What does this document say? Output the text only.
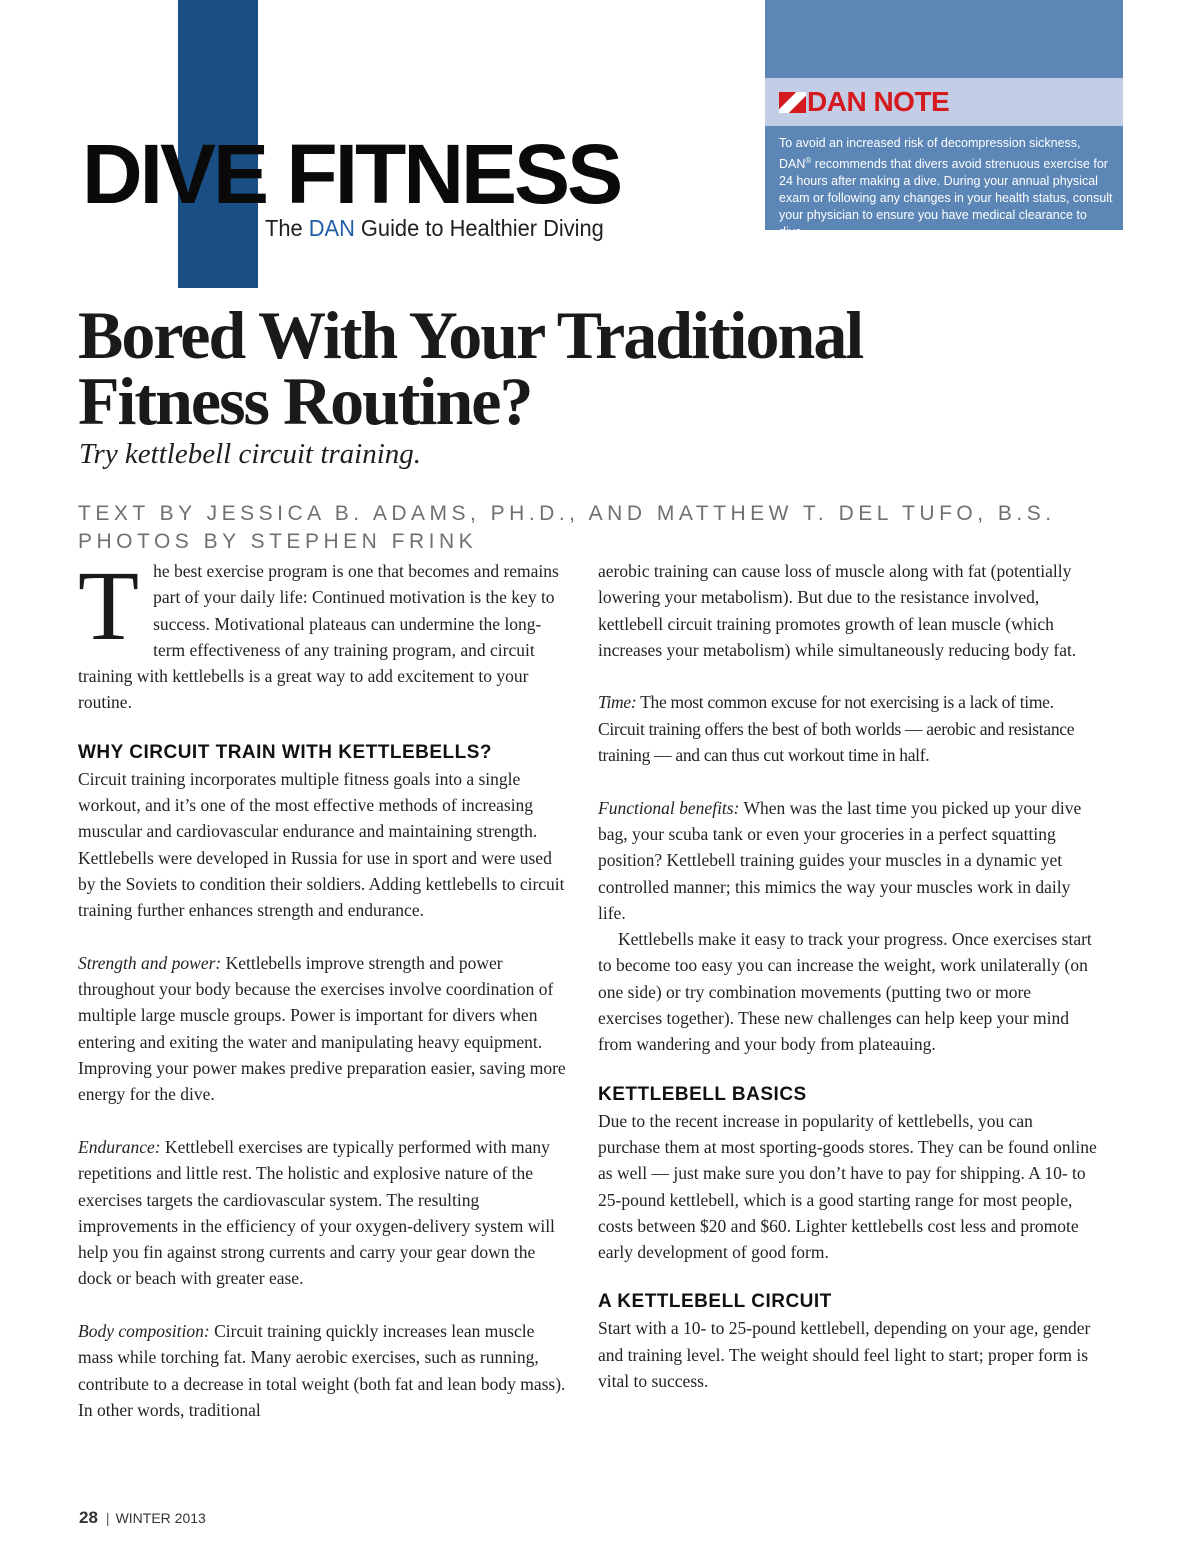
DIVE FITNESS
The DAN Guide to Healthier Diving
DAN NOTE
To avoid an increased risk of decompression sickness, DAN® recommends that divers avoid strenuous exercise for 24 hours after making a dive. During your annual physical exam or following any changes in your health status, consult your physician to ensure you have medical clearance to dive.
Bored With Your Traditional
Fitness Routine?
Try kettlebell circuit training.
TEXT BY JESSICA B. ADAMS, PH.D., AND MATTHEW T. DEL TUFO, B.S.
PHOTOS BY STEPHEN FRINK

The best exercise program is one that becomes and remains part of your daily life: Continued motivation is the key to success. Motivational plateaus can undermine the long-term effectiveness of any training program, and circuit training with kettlebells is a great way to add excitement to your routine.

WHY CIRCUIT TRAIN WITH KETTLEBELLS?

Circuit training incorporates multiple fitness goals into a single workout, and it’s one of the most effective methods of increasing muscular and cardiovascular endurance and maintaining strength. Kettlebells were developed in Russia for use in sport and were used by the Soviets to condition their soldiers. Adding kettlebells to circuit training further enhances strength and endurance.

Strength and power: Kettlebells improve strength and power throughout your body because the exercises involve coordination of multiple large muscle groups. Power is important for divers when entering and exiting the water and manipulating heavy equipment. Improving your power makes predive preparation easier, saving more energy for the dive.

Endurance: Kettlebell exercises are typically performed with many repetitions and little rest. The holistic and explosive nature of the exercises targets the cardiovascular system. The resulting improvements in the efficiency of your oxygen-delivery system will help you fin against strong currents and carry your gear down the dock or beach with greater ease.

Body composition: Circuit training quickly increases lean muscle mass while torching fat. Many aerobic exercises, such as running, contribute to a decrease in total weight (both fat and lean body mass). In other words, traditional

aerobic training can cause loss of muscle along with fat (potentially lowering your metabolism). But due to the resistance involved, kettlebell circuit training promotes growth of lean muscle (which increases your metabolism) while simultaneously reducing body fat.

Time: The most common excuse for not exercising is a lack of time. Circuit training offers the best of both worlds — aerobic and resistance training — and can thus cut workout time in half.

Functional benefits: When was the last time you picked up your dive bag, your scuba tank or even your groceries in a perfect squatting position? Kettlebell training guides your muscles in a dynamic yet controlled manner; this mimics the way your muscles work in daily life.

Kettlebells make it easy to track your progress. Once exercises start to become too easy you can increase the weight, work unilaterally (on one side) or try combination movements (putting two or more exercises together). These new challenges can help keep your mind from wandering and your body from plateauing.

KETTLEBELL BASICS

Due to the recent increase in popularity of kettlebells, you can purchase them at most sporting-goods stores. They can be found online as well — just make sure you don’t have to pay for shipping. A 10- to 25-pound kettlebell, which is a good starting range for most people, costs between $20 and $60. Lighter kettlebells cost less and promote early development of good form.

A KETTLEBELL CIRCUIT

Start with a 10- to 25-pound kettlebell, depending on your age, gender and training level. The weight should feel light to start; proper form is vital to success.

28 | WINTER 2013
